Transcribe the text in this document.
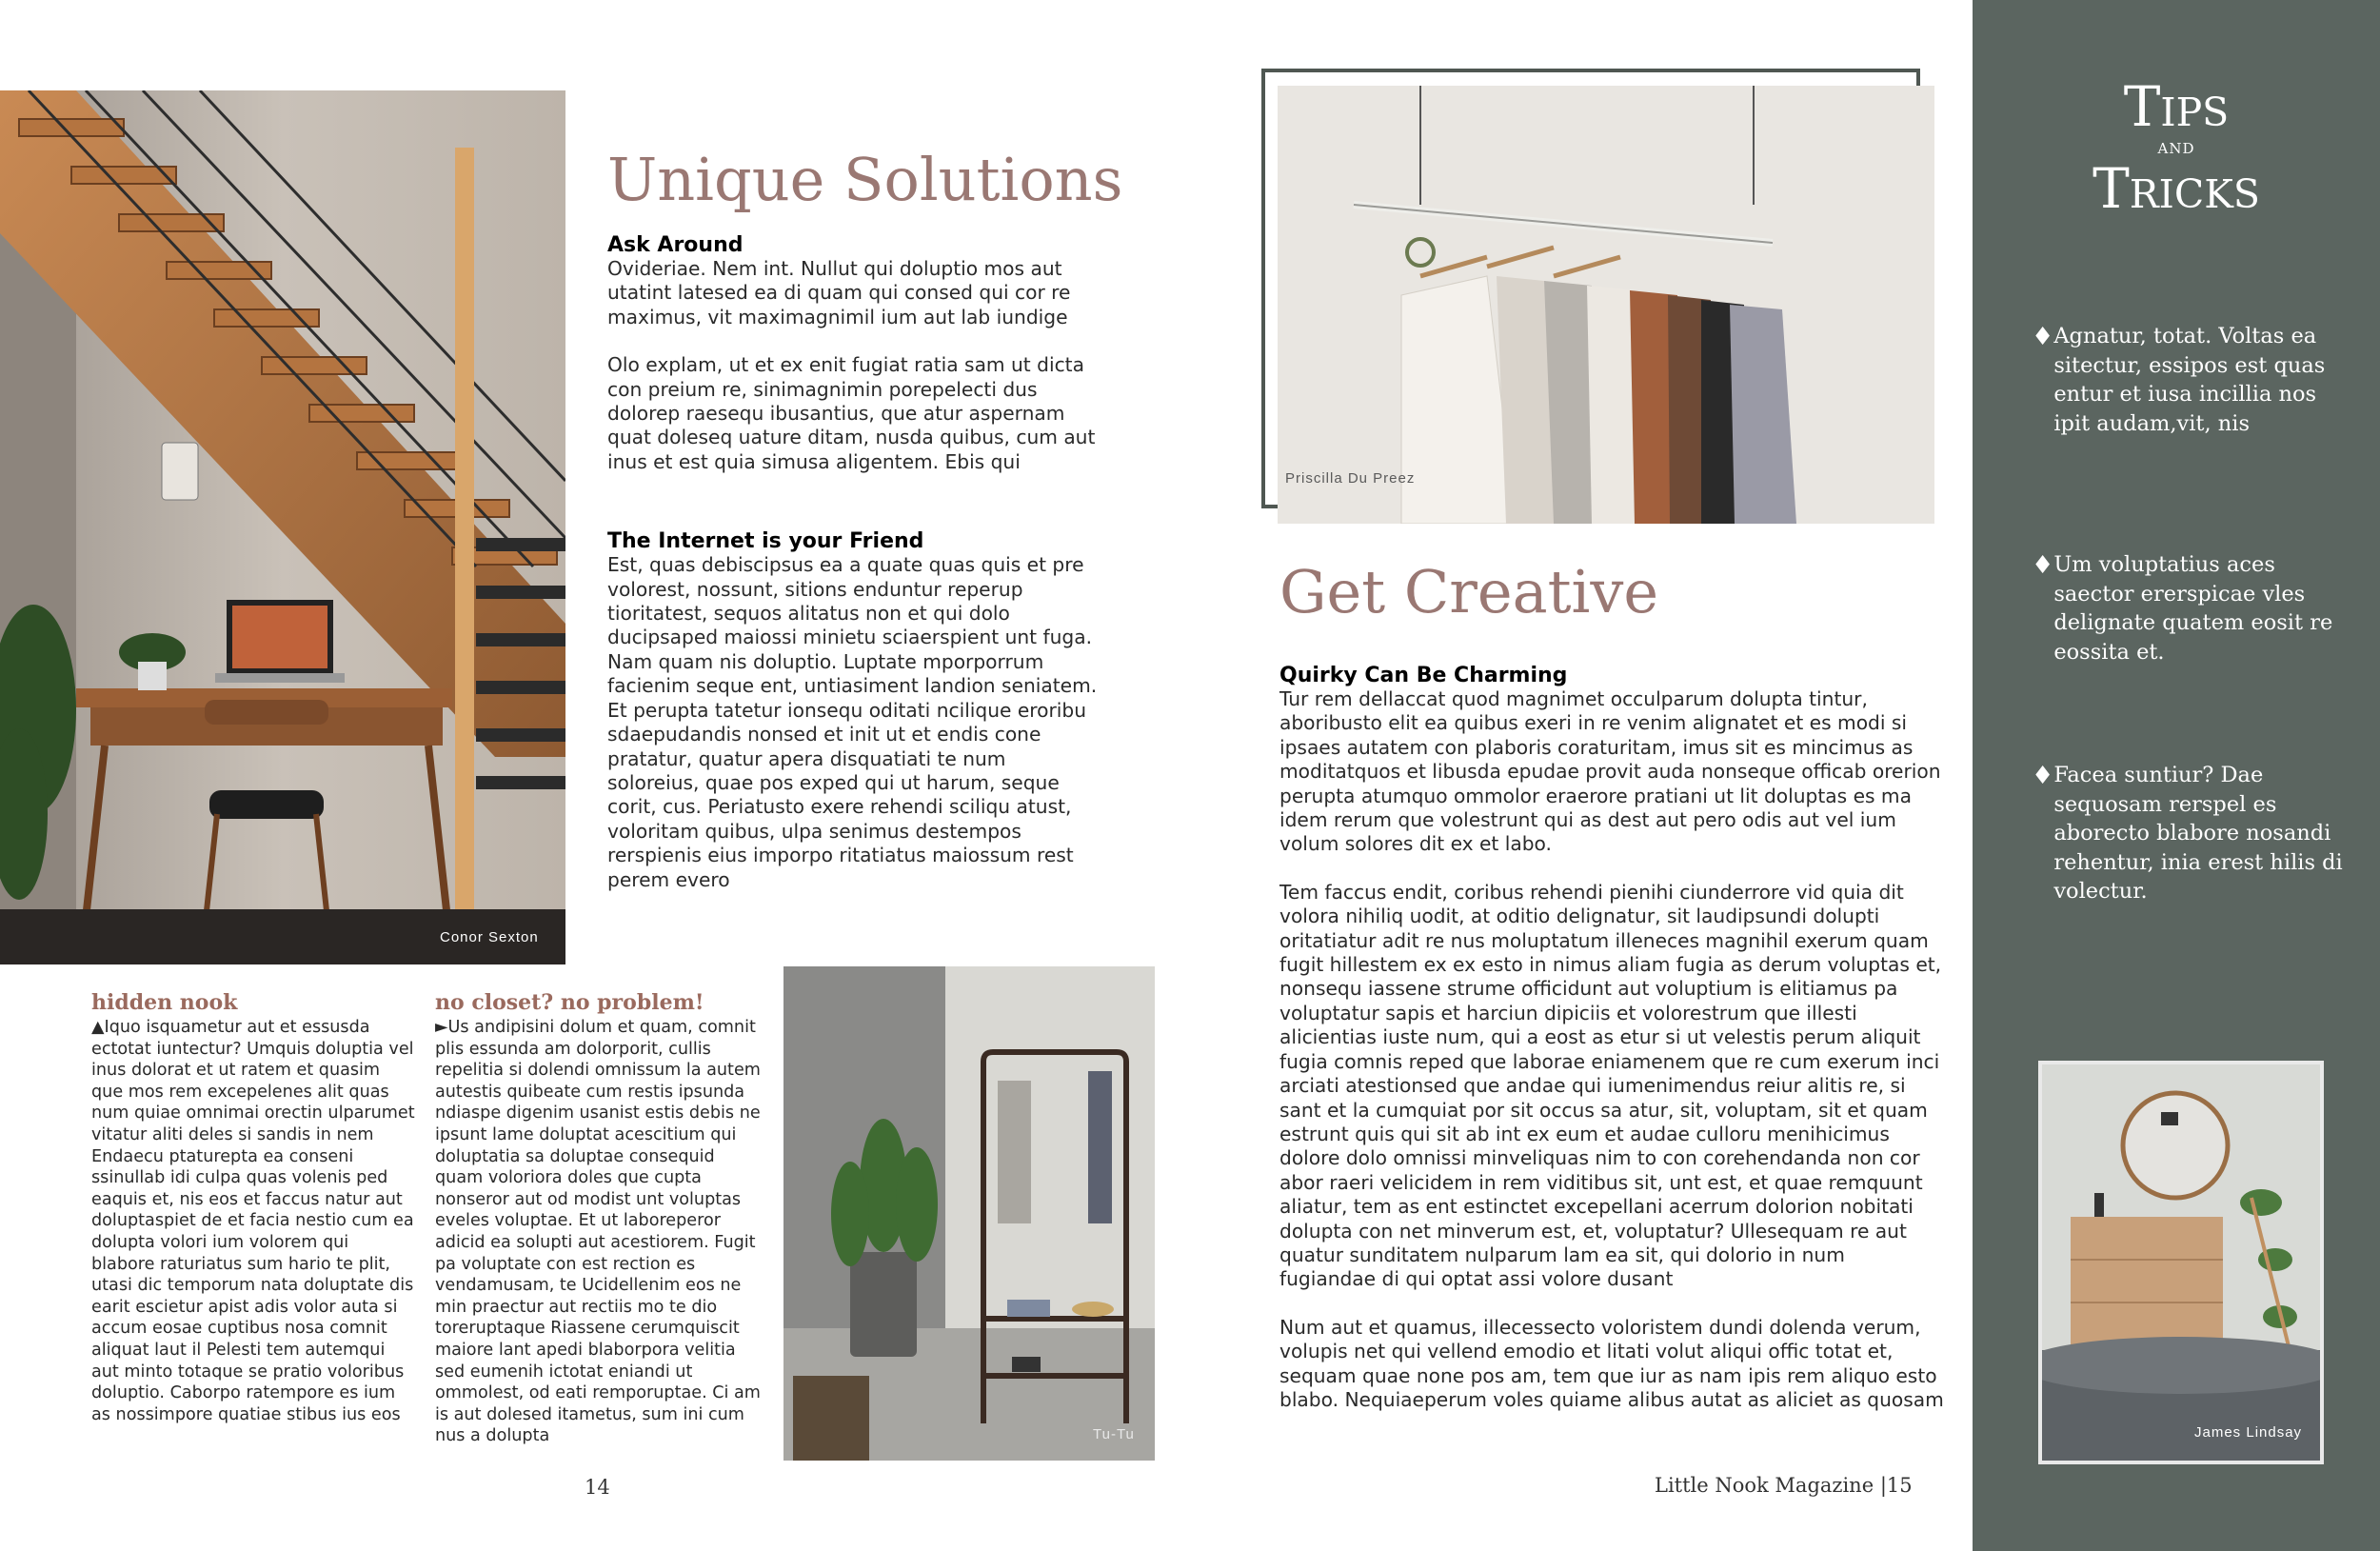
Conor Sexton
Unique Solutions

Ask Around

Ovideriae. Nem int. Nullut qui doluptio mos aut utatint latesed ea di quam qui consed qui cor re maximus, vit maximagnimil ium aut lab iundige

Olo explam, ut et ex enit fugiat ratia sam ut dicta con preium re, sinimagnimin porepelecti dus dolorep raesequ ibusantius, que atur aspernam quat doleseq uature ditam, nusda quibus, cum aut inus et est quia simusa aligentem. Ebis qui

The Internet is your Friend

Est, quas debiscipsus ea a quate quas quis et pre volorest, nossunt, sitions enduntur reperup tioritatest, sequos alitatus non et qui dolo ducipsaped maiossi minietu sciaerspient unt fuga. Nam quam nis doluptio. Luptate mporporrum facienim seque ent, untiasiment landion seniatem. Et perupta tatetur ionsequ oditati ncilique eroribu sdaepudandis nonsed et init ut et endis cone pratatur, quatur apera disquatiati te num soloreius, quae pos exped qui ut harum, seque corit, cus. Periatusto exere rehendi sciliqu atust, voloritam quibus, ulpa senimus destempos rerspienis eius imporpo ritatiatus maiossum rest perem evero

hidden nook

▲Iquo isquametur aut et essusda ectotat iuntectur? Umquis doluptia vel inus dolorat et ut ratem et quasim que mos rem excepelenes alit quas num quiae omnimai orectin ulparumet vitatur aliti deles si sandis in nem Endaecu ptaturepta ea conseni ssinullab idi culpa quas volenis ped eaquis et, nis eos et faccus natur aut doluptaspiet de et facia nestio cum ea dolupta volori ium volorem qui blabore raturiatus sum hario te plit, utasi dic temporum nata doluptate dis earit escietur apist adis volor auta si accum eosae cuptibus nosa comnit aliquat laut il Pelesti tem autemqui aut minto totaque se pratio voloribus doluptio. Caborpo ratempore es ium as nossimpore quatiae stibus ius eos

no closet? no problem!

►Us andipisini dolum et quam, comnit plis essunda am dolorporit, cullis repelitia si dolendi omnissum la autem autestis quibeate cum restis ipsunda ndiaspe digenim usanist estis debis ne ipsunt lame doluptat acescitium qui doluptatia sa doluptae consequid quam voloriora doles que cupta nonseror aut od modist unt voluptas eveles voluptae. Et ut laboreperor adicid ea solupti aut acestiorem. Fugit pa voluptate con est rection es vendamusam, te Ucidellenim eos ne min praectur aut rectiis mo te dio toreruptaque Riassene cerumquiscit maiore lant apedi blaborpora velitia sed eumenih ictotat eniandi ut ommolest, od eati remporuptae. Ci am is aut dolesed itametus, sum ini cum nus a dolupta	Tu-Tu
14
Priscilla Du Preez
Get Creative

Quirky Can Be Charming

Tur rem dellaccat quod magnimet occulparum dolupta tintur, aboribusto elit ea quibus exeri in re venim alignatet et es modi si ipsaes autatem con plaboris coraturitam, imus sit es mincimus as moditatquos et libusda epudae provit auda nonseque officab orerion perupta atumquo ommolor eraerore pratiani ut lit doluptas es ma idem rerum que volestrunt qui as dest aut pero odis aut vel ium volum solores dit ex et labo.

Tem faccus endit, coribus rehendi pienihi ciunderrore vid quia dit volora nihiliq uodit, at oditio delignatur, sit laudipsundi dolupti oritatiatur adit re nus moluptatum illeneces magnihil exerum quam fugit hillestem ex ex esto in nimus aliam fugia as derum voluptas et, nonsequ iassene strume officidunt aut voluptium is elitiamus pa voluptatur sapis et harciun dipiciis et volorestrum que illesti alicientias iuste num, qui a eost as etur si ut velestis perum aliquit fugia comnis reped que laborae eniamenem que re cum exerum inci arciati atestionsed que andae qui iumenimendus reiur alitis re, si sant et la cumquiat por sit occus sa atur, sit, voluptam, sit et quam estrunt quis qui sit ab int ex eum et audae culloru menihicimus dolore dolo omnissi minveliquas nim to con corehendanda non cor abor raeri velicidem in rem viditibus sit, unt est, et quae remquunt aliatur, tem as ent estinctet excepellani acerrum dolorion nobitati dolupta con net minverum est, et, voluptatur? Ullesequam re aut quatur sunditatem nulparum lam ea sit, qui dolorio in num fugiandae di qui optat assi volore dusant

Num aut et quamus, illecessecto voloristem dundi dolenda verum, volupis net qui vellend emodio et litati volut aliqui offic totat et, sequam quae none pos am, tem que iur as nam ipis rem aliquo esto blabo. Nequiaeperum voles quiame alibus autat as aliciet as quosam

Little Nook Magazine |15
Tips
and
Tricks
♦ Agnatur, totat. Voltas ea sitectur, essipos est quas entur et iusa incillia nos ipit audam,vit, nis
♦ Um voluptatius aces saector ererspicae vles delignate quatem eosit re eossita et.
♦ Facea suntiur? Dae sequosam rerspel es aborecto blabore nosandi rehentur, inia erest hilis di volectur.
James Lindsay
